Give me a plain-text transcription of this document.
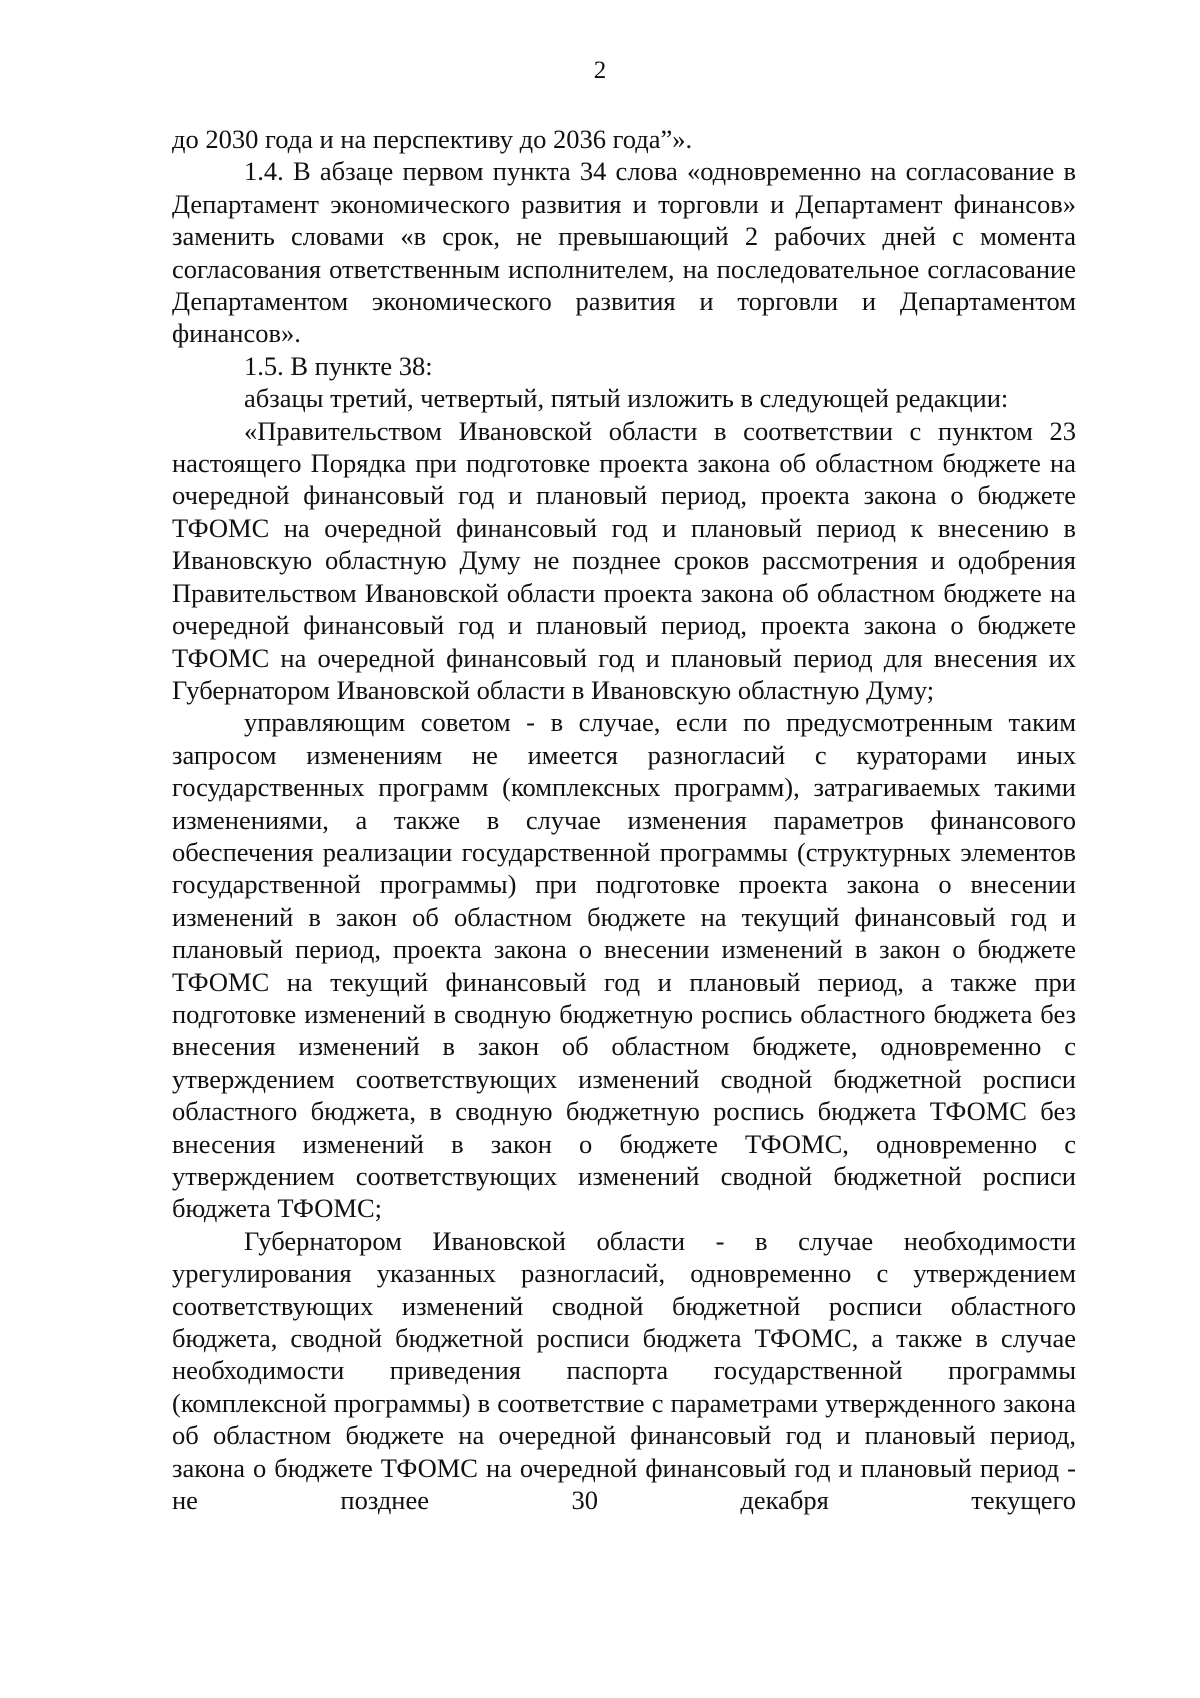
2

до 2030 года и на перспективу до 2036 года”».

1.4. В абзаце первом пункта 34 слова «одновременно на согласование в Департамент экономического развития и торговли и Департамент финансов» заменить словами «в срок, не превышающий 2 рабочих дней с момента согласования ответственным исполнителем, на последовательное согласование Департаментом экономического развития и торговли и Департаментом финансов».

1.5. В пункте 38:

абзацы третий, четвертый, пятый изложить в следующей редакции:

«Правительством Ивановской области в соответствии с пунктом 23 настоящего Порядка при подготовке проекта закона об областном бюджете на очередной финансовый год и плановый период, проекта закона о бюджете ТФОМС на очередной финансовый год и плановый период к внесению в Ивановскую областную Думу не позднее сроков рассмотрения и одобрения Правительством Ивановской области проекта закона об областном бюджете на очередной финансовый год и плановый период, проекта закона о бюджете ТФОМС на очередной финансовый год и плановый период для внесения их Губернатором Ивановской области в Ивановскую областную Думу;

управляющим советом - в случае, если по предусмотренным таким запросом изменениям не имеется разногласий с кураторами иных государственных программ (комплексных программ), затрагиваемых такими изменениями, а также в случае изменения параметров финансового обеспечения реализации государственной программы (структурных элементов государственной программы) при подготовке проекта закона о внесении изменений в закон об областном бюджете на текущий финансовый год и плановый период, проекта закона о внесении изменений в закон о бюджете ТФОМС на текущий финансовый год и плановый период, а также при подготовке изменений в сводную бюджетную роспись областного бюджета без внесения изменений в закон об областном бюджете, одновременно с утверждением соответствующих изменений сводной бюджетной росписи областного бюджета, в сводную бюджетную роспись бюджета ТФОМС без внесения изменений в закон о бюджете ТФОМС, одновременно с утверждением соответствующих изменений сводной бюджетной росписи бюджета ТФОМС;

Губернатором Ивановской области - в случае необходимости урегулирования указанных разногласий, одновременно с утверждением соответствующих изменений сводной бюджетной росписи областного бюджета, сводной бюджетной росписи бюджета ТФОМС, а также в случае необходимости приведения паспорта государственной программы (комплексной программы) в соответствие с параметрами утвержденного закона об областном бюджете на очередной финансовый год и плановый период, закона о бюджете ТФОМС на очередной финансовый год и плановый период - не позднее 30 декабря текущего
